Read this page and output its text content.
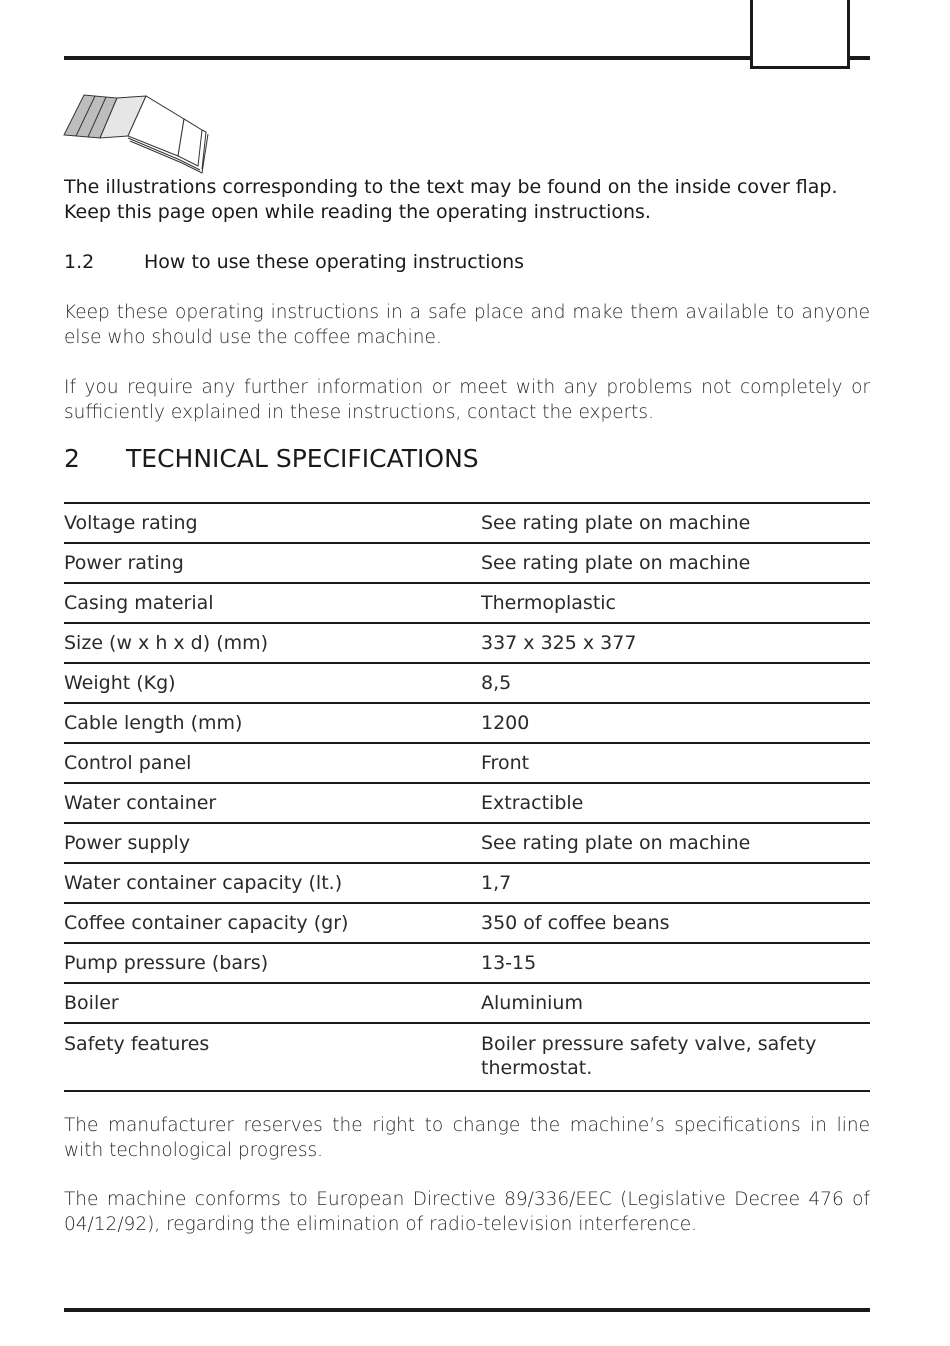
The illustrations corresponding to the text may be found on the inside cover flap.

Keep this page open while reading the operating instructions.

1.2	How to use these operating instructions

Keep these operating instructions in a safe place and make them available to anyone else who should use the coffee machine.

If you require any further information or meet with any problems not completely or sufficiently explained in these instructions, contact the experts.

2 TECHNICAL SPECIFICATIONS
Voltage rating	See rating plate on machine
Power rating	See rating plate on machine
Casing material	Thermoplastic
Size (w x h x d) (mm)	337 x 325 x 377
Weight (Kg)	8,5
Cable length (mm)	1200
Control panel	Front
Water container	Extractible
Power supply	See rating plate on machine
Water container capacity (lt.)	1,7
Coffee container capacity (gr)	350 of coffee beans
Pump pressure (bars)	13-15
Boiler	Aluminium
Safety features	Boiler pressure safety valve, safety thermostat.

The manufacturer reserves the right to change the machine’s specifications in line with technological progress.

The machine conforms to European Directive 89/336/EEC (Legislative Decree 476 of 04/12/92), regarding the elimination of radio-television interference.
